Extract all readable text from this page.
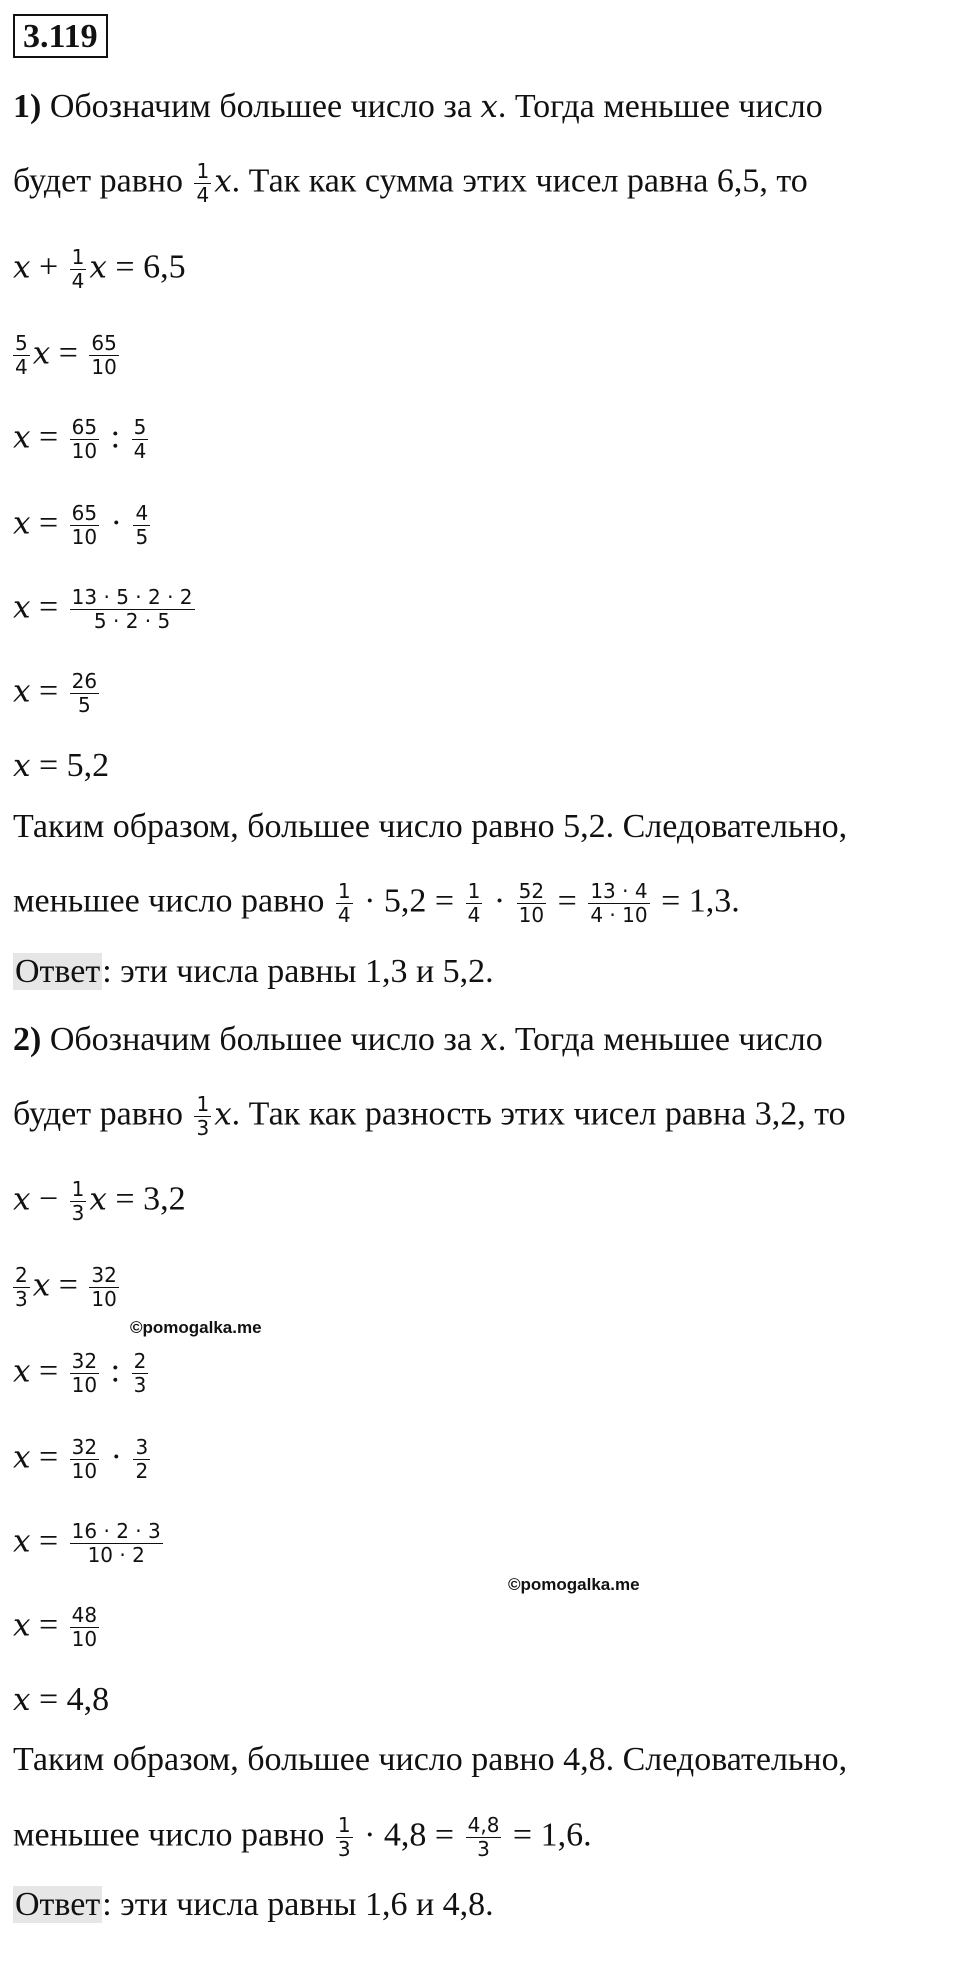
3.119
1) Обозначим большее число за x. Тогда меньшее число
будет равно $\frac{1}{4} x$. Так как сумма этих чисел равна 6,5, то
$x + \frac{1}{4}$ x = 6,5
$\frac{5}{4}$ $x = \frac{65}{10}$
$x = \frac{65}{10}$ : $\frac{5}{4}$
$x = \frac{65}{10} \cdot \frac{4}{5}$
$x = \frac{13 \cdot 5 \cdot 2 \cdot 2}{5 \cdot 2 \cdot 5}$
$x = \frac{26}{5}$
x = 5,2
Таким образом, большее число равно 5,2. Следовательно,
меньшее число равно $\frac{1}{4} \cdot 5,2 = \frac{1}{4} \cdot \frac{52}{10} = \frac{13 \cdot 4}{4 \cdot 10} = 1,3$.
Ответ: эти числа равны 1,3 и 5,2.
2) Обозначим большее число за x. Тогда меньшее число
будет равно $\frac{1}{3} x$. Так как разность этих чисел равна 3,2, то
$x - \frac{1}{3}$ x = 3,2
$\frac{2}{3}$ $x = \frac{32}{10}$
$x = \frac{32}{10}$ : $\frac{2}{3}$
$x = \frac{32}{10} \cdot \frac{3}{2}$
$x = \frac{16 \cdot 2 \cdot 3}{10 \cdot 2}$
$x = \frac{48}{10}$
x = 4,8
Таким образом, большее число равно 4,8. Следовательно,
меньшее число равно $\frac{1}{3} \cdot 4,8 = \frac{4,8}{3} = 1,6$.
Ответ: эти числа равны 1,6 и 4,8.
©pomogalka.me
©pomogalka.me
